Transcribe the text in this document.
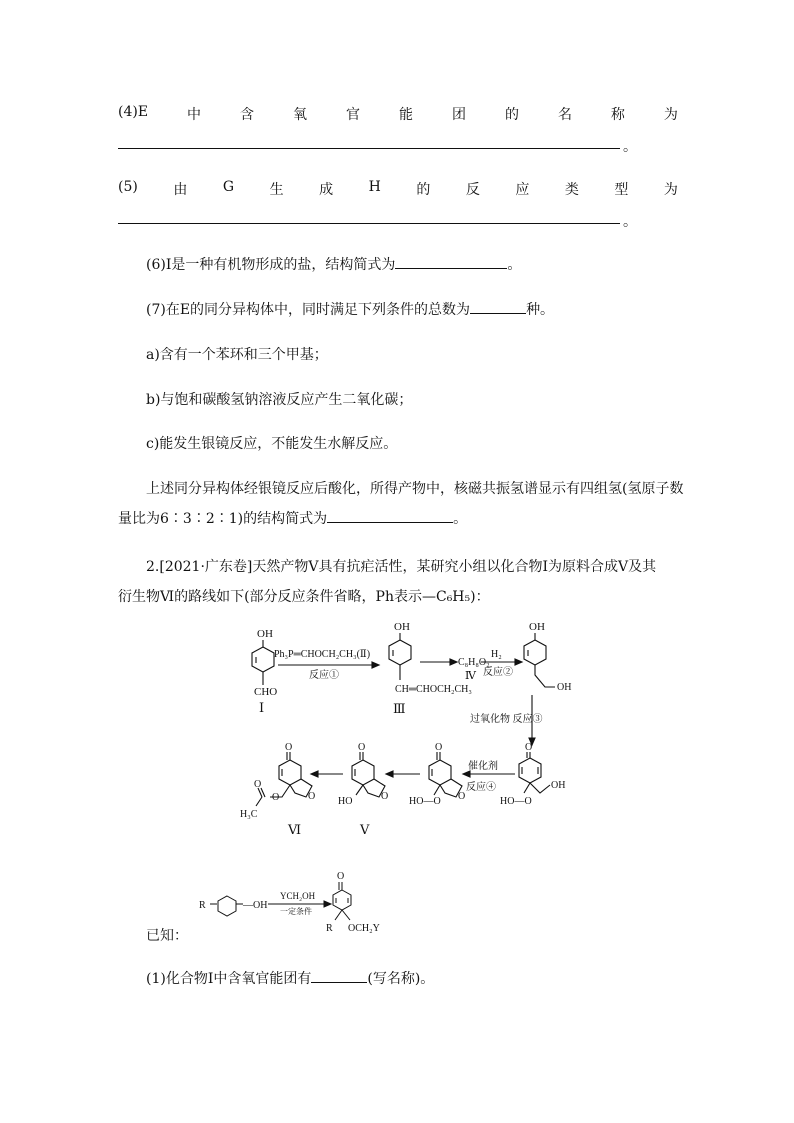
(4)E	中	含	氧	官	能	团	的	名	称	为
。
(5)	由	G	生	成	H	的	反	应	类	型	为
。
(6)I是一种有机物形成的盐，结构简式为	。
(7)在E的同分异构体中，同时满足下列条件的总数为	种。
a)含有一个苯环和三个甲基；
b)与饱和碳酸氢钠溶液反应产生二氧化碳；
c)能发生银镜反应，不能发生水解反应。
上述同分异构体经银镜反应后酸化，所得产物中，核磁共振氢谱显示有四组氢(氢原子数
量比为6∶3∶2∶1)的结构简式为	。
2.[2021·广东卷]天然产物Ⅴ具有抗疟活性，某研究小组以化合物Ⅰ为原料合成Ⅴ及其
衍生物Ⅵ的路线如下(部分反应条件省略，Ph表示—C₆H₅)：
OH
CHO
Ⅰ
Ph₃P═CHOCH₂CH₃(Ⅱ)
反应①
OH
CH═CHOCH₂CH₃
Ⅲ
C₈H₈O₂
Ⅳ
H₂
反应②
OH
OH
过氧化物 反应③
O
OH
HO—O
催化剂
反应④
O
O
HO—O
O
O
HO
Ⅴ
O
O
O
O
H₃C
Ⅵ
R	—OH
YCH₂OH
一定条件
O
R OCH₂Y
已知：
(1)化合物Ⅰ中含氧官能团有	(写名称)。
